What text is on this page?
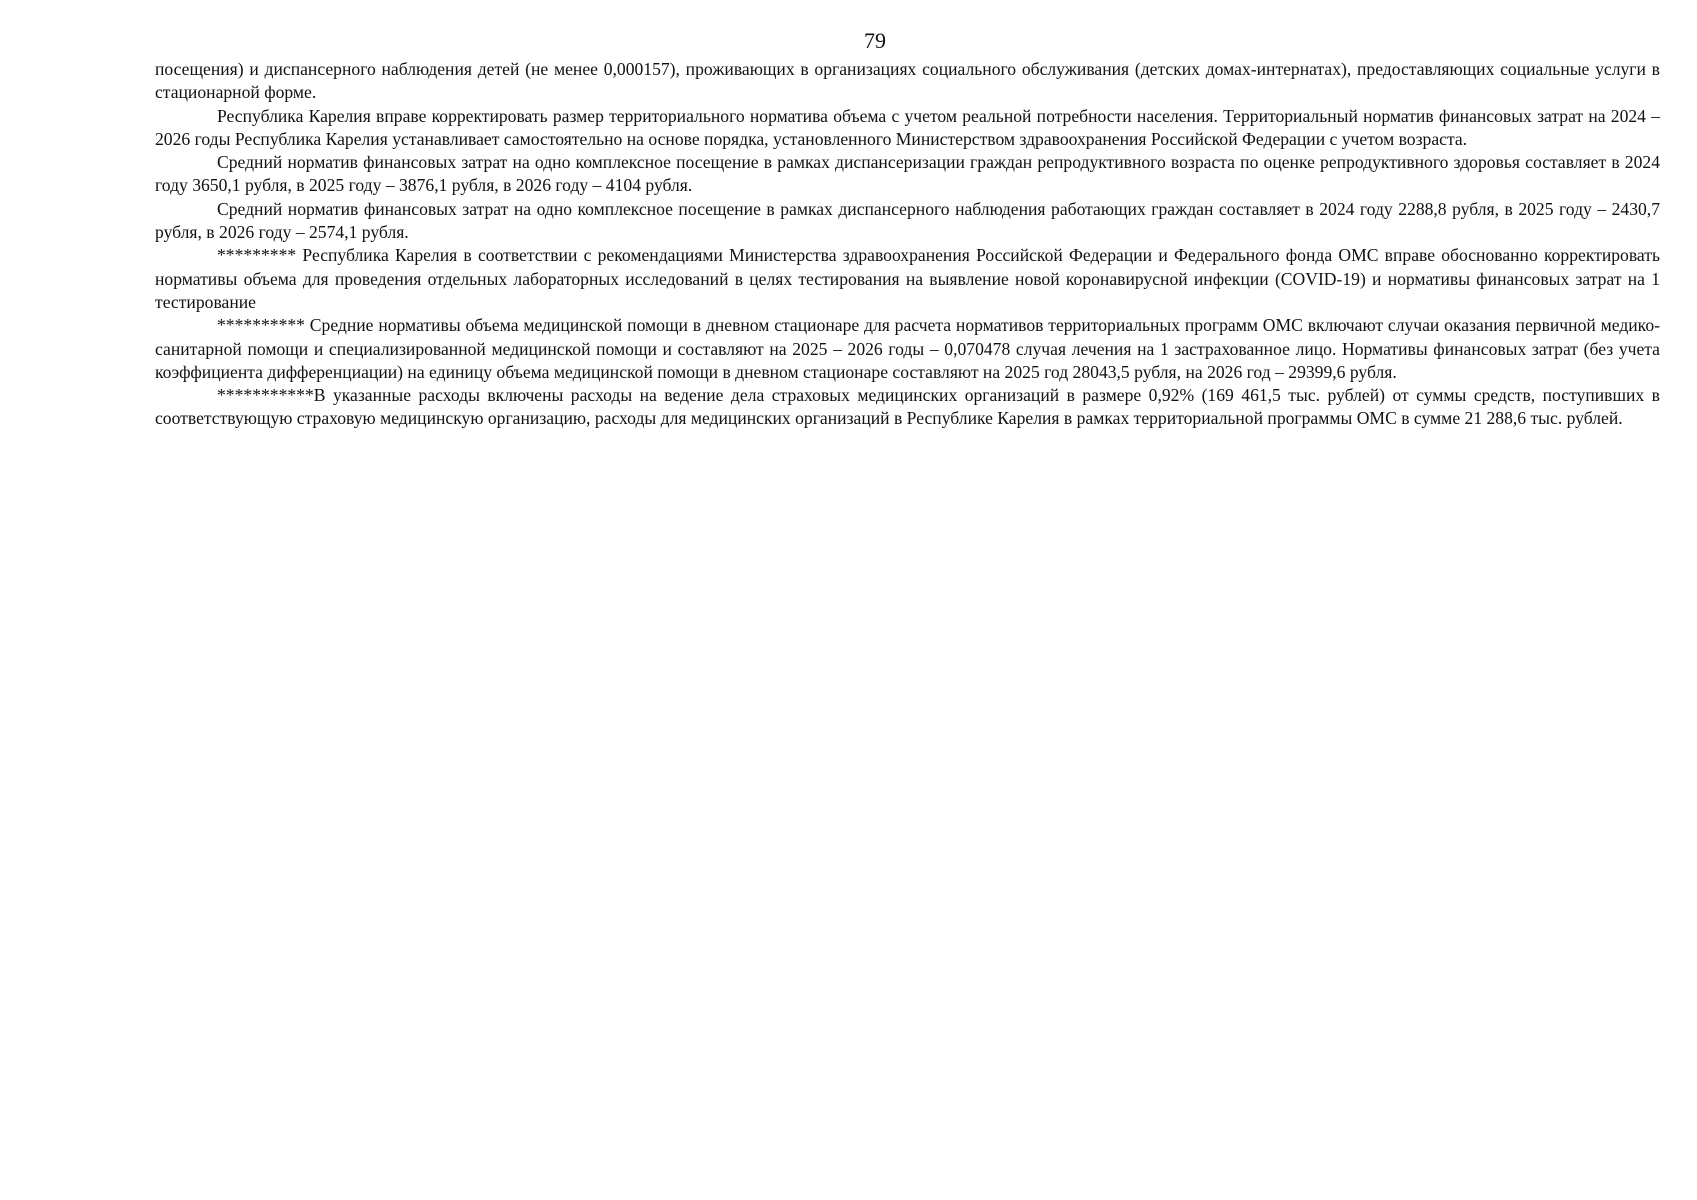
79

посещения) и диспансерного наблюдения детей (не менее 0,000157), проживающих в организациях социального обслуживания (детских домах-интернатах), предоставляющих социальные услуги в стационарной форме.

Республика Карелия вправе корректировать размер территориального норматива объема с учетом реальной потребности населения. Территориальный норматив финансовых затрат на 2024 – 2026 годы Республика Карелия устанавливает самостоятельно на основе порядка, установленного Министерством здравоохранения Российской Федерации с учетом возраста.

Средний норматив финансовых затрат на одно комплексное посещение в рамках диспансеризации граждан репродуктивного возраста по оценке репродуктивного здоровья составляет в 2024 году 3650,1 рубля, в 2025 году – 3876,1 рубля, в 2026 году – 4104 рубля.

Средний норматив финансовых затрат на одно комплексное посещение в рамках диспансерного наблюдения работающих граждан составляет в 2024 году 2288,8 рубля, в 2025 году – 2430,7 рубля, в 2026 году – 2574,1 рубля.

********* Республика Карелия в соответствии с рекомендациями Министерства здравоохранения Российской Федерации и Федерального фонда ОМС вправе обоснованно корректировать нормативы объема для проведения отдельных лабораторных исследований в целях тестирования на выявление новой коронавирусной инфекции (COVID-19) и нормативы финансовых затрат на 1 тестирование

********** Средние нормативы объема медицинской помощи в дневном стационаре для расчета нормативов территориальных программ ОМС включают случаи оказания первичной медико-санитарной помощи и специализированной медицинской помощи и составляют на 2025 – 2026 годы – 0,070478 случая лечения на 1 застрахованное лицо. Нормативы финансовых затрат (без учета коэффициента дифференциации) на единицу объема медицинской помощи в дневном стационаре составляют на 2025 год 28043,5 рубля, на 2026 год – 29399,6 рубля.

***********В указанные расходы включены расходы на ведение дела страховых медицинских организаций в размере 0,92% (169 461,5 тыс. рублей) от суммы средств, поступивших в соответствующую страховую медицинскую организацию, расходы для медицинских организаций в Республике Карелия в рамках территориальной программы ОМС в сумме 21 288,6 тыс. рублей.
